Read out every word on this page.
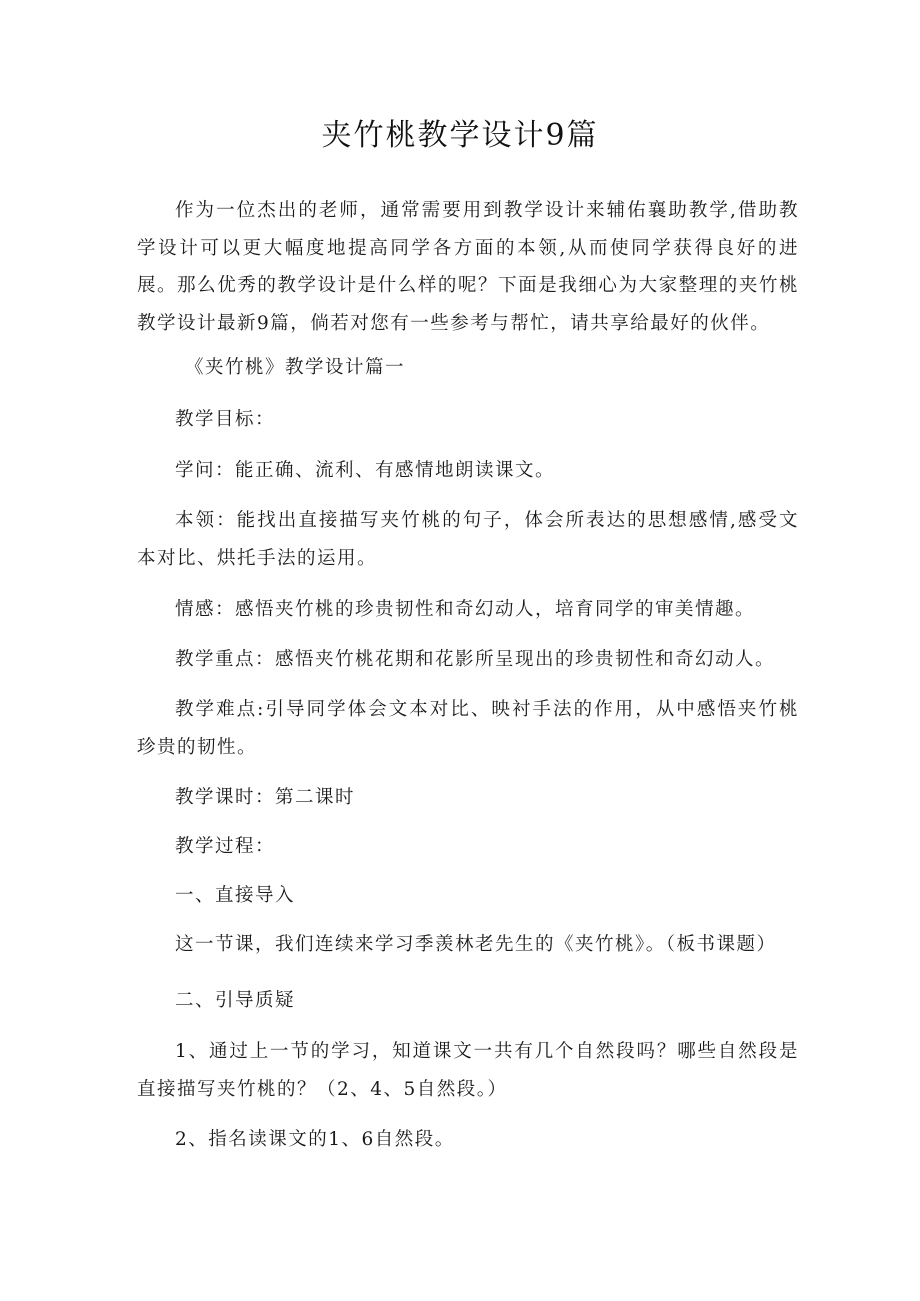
夹竹桃教学设计9篇

作为一位杰出的老师，通常需要用到教学设计来辅佑襄助教学,借助教学设计可以更大幅度地提高同学各方面的本领,从而使同学获得良好的进展。那么优秀的教学设计是什么样的呢？下面是我细心为大家整理的夹竹桃教学设计最新9篇，倘若对您有一些参考与帮忙，请共享给最好的伙伴。

《夹竹桃》教学设计篇一

教学目标：

学问：能正确、流利、有感情地朗读课文。

本领：能找出直接描写夹竹桃的句子，体会所表达的思想感情,感受文本对比、烘托手法的运用。

情感：感悟夹竹桃的珍贵韧性和奇幻动人，培育同学的审美情趣。

教学重点：感悟夹竹桃花期和花影所呈现出的珍贵韧性和奇幻动人。

教学难点:引导同学体会文本对比、映衬手法的作用，从中感悟夹竹桃珍贵的韧性。

教学课时：第二课时

教学过程：

一、直接导入

这一节课，我们连续来学习季羡林老先生的《夹竹桃》。（板书课题）

二、引导质疑

1、通过上一节的学习，知道课文一共有几个自然段吗？哪些自然段是直接描写夹竹桃的？（2、4、5自然段。）

2、指名读课文的1、6自然段。
